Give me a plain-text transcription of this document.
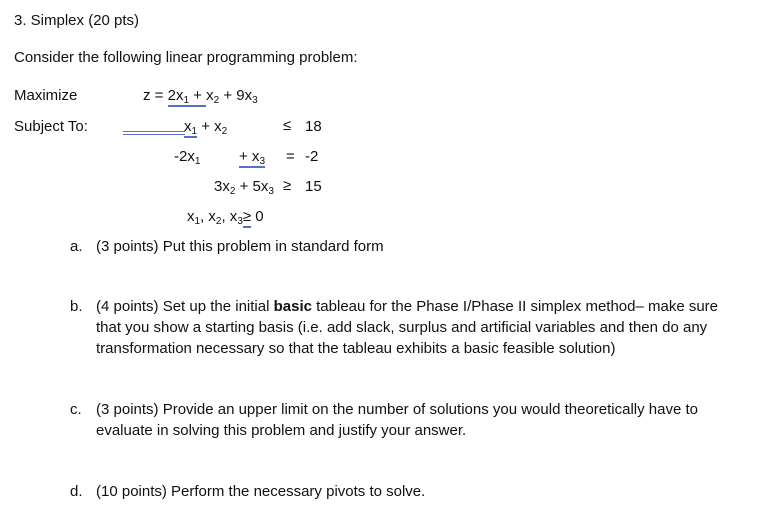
3. Simplex (20 pts)
Consider the following linear programming problem:
Maximize	$z = 2x_1 + x_2 + 9x_3$
Subject To:	$x_1 + x_2$	≤ 18
$-2x_1$	+ $x_3 = -2$
$3x_2 + 5x_3 \ge 15$
$x_1$, $x_2$, $x_3\ge 0$
a. (3 points) Put this problem in standard form
b. (4 points) Set up the initial basic tableau for the Phase I/Phase II simplex method– make sure that you show a starting basis (i.e. add slack, surplus and artificial variables and then do any transformation necessary so that the tableau exhibits a basic feasible solution)
c. (3 points) Provide an upper limit on the number of solutions you would theoretically have to evaluate in solving this problem and justify your answer.
d. (10 points) Perform the necessary pivots to solve.
